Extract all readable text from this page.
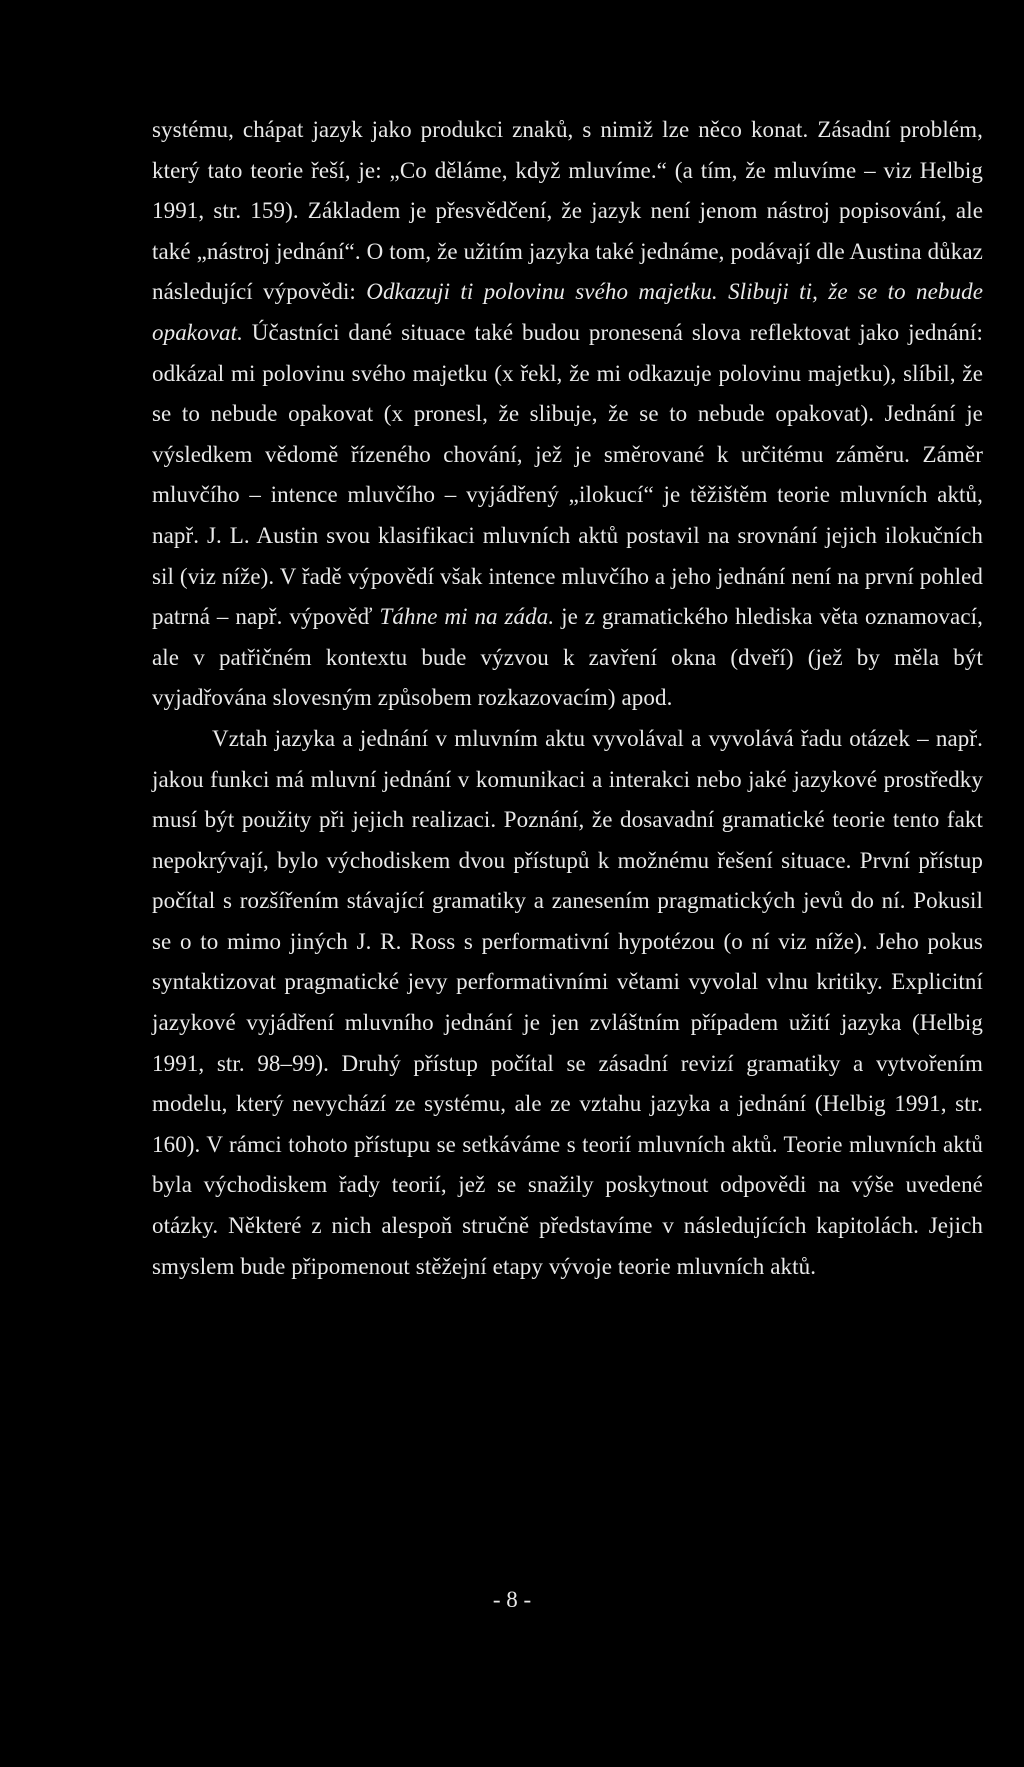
systému, chápat jazyk jako produkci znaků, s nimiž lze něco konat. Zásadní problém, který tato teorie řeší, je: „Co děláme, když mluvíme.“ (a tím, že mluvíme – viz Helbig 1991, str. 159). Základem je přesvědčení, že jazyk není jenom nástroj popisování, ale také „nástroj jednání“. O tom, že užitím jazyka také jednáme, podávají dle Austina důkaz následující výpovědi: Odkazuji ti polovinu svého majetku. Slibuji ti, že se to nebude opakovat. Účastníci dané situace také budou pronesená slova reflektovat jako jednání: odkázal mi polovinu svého majetku (x řekl, že mi odkazuje polovinu majetku), slíbil, že se to nebude opakovat (x pronesl, že slibuje, že se to nebude opakovat). Jednání je výsledkem vědomě řízeného chování, jež je směrované k určitému záměru. Záměr mluvčího – intence mluvčího – vyjádřený „ilokucí“ je těžištěm teorie mluvních aktů, např. J. L. Austin svou klasifikaci mluvních aktů postavil na srovnání jejich ilokučních sil (viz níže). V řadě výpovědí však intence mluvčího a jeho jednání není na první pohled patrná – např. výpověď Táhne mi na záda. je z gramatického hlediska věta oznamovací, ale v patřičném kontextu bude výzvou k zavření okna (dveří) (jež by měla být vyjadřována slovesným způsobem rozkazovacím) apod.

Vztah jazyka a jednání v mluvním aktu vyvolával a vyvolává řadu otázek – např. jakou funkci má mluvní jednání v komunikaci a interakci nebo jaké jazykové prostředky musí být použity při jejich realizaci. Poznání, že dosavadní gramatické teorie tento fakt nepokrývají, bylo východiskem dvou přístupů k možnému řešení situace. První přístup počítal s rozšířením stávající gramatiky a zanesením pragmatických jevů do ní. Pokusil se o to mimo jiných J. R. Ross s performativní hypotézou (o ní viz níže). Jeho pokus syntaktizovat pragmatické jevy performativními větami vyvolal vlnu kritiky. Explicitní jazykové vyjádření mluvního jednání je jen zvláštním případem užití jazyka (Helbig 1991, str. 98–99). Druhý přístup počítal se zásadní revizí gramatiky a vytvořením modelu, který nevychází ze systému, ale ze vztahu jazyka a jednání (Helbig 1991, str. 160). V rámci tohoto přístupu se setkáváme s teorií mluvních aktů. Teorie mluvních aktů byla východiskem řady teorií, jež se snažily poskytnout odpovědi na výše uvedené otázky. Některé z nich alespoň stručně představíme v následujících kapitolách. Jejich smyslem bude připomenout stěžejní etapy vývoje teorie mluvních aktů.

- 8 -
